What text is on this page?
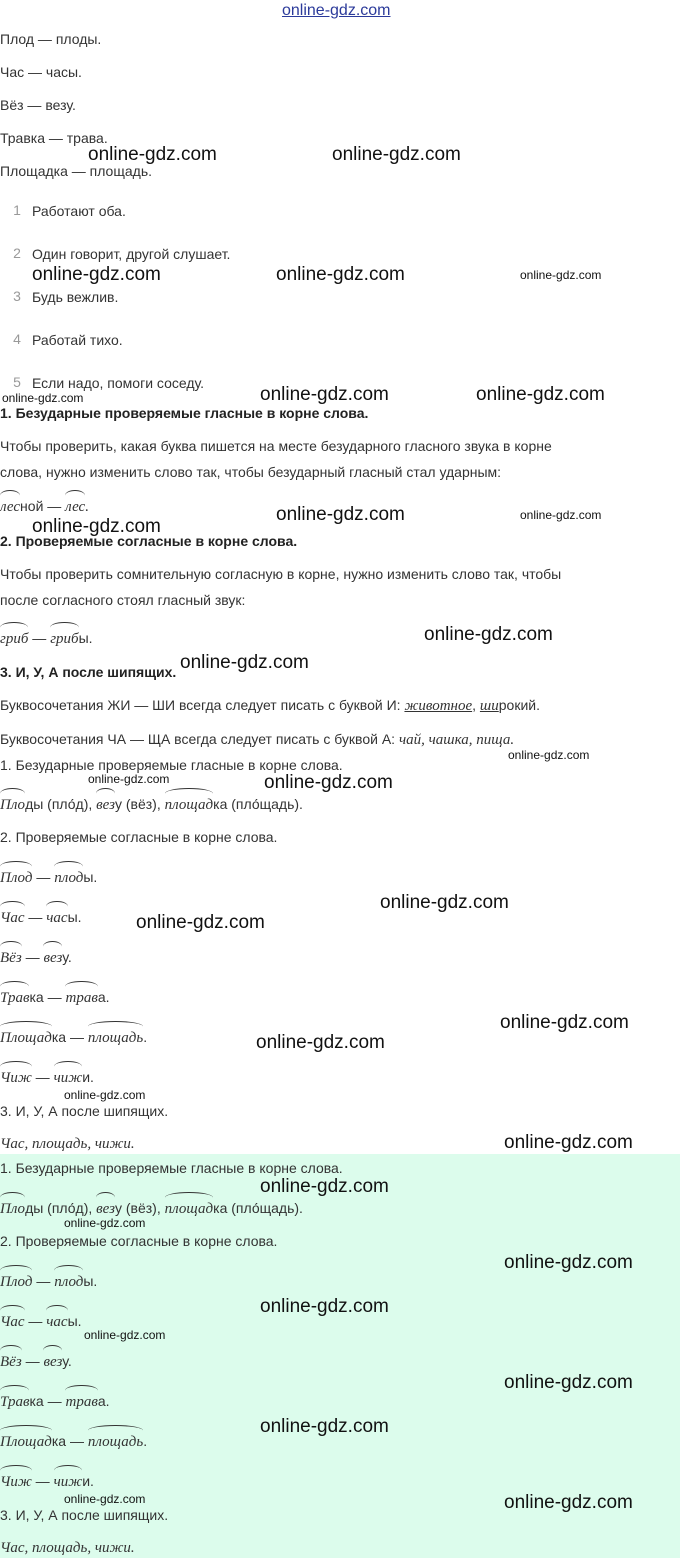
online-gdz.com
Плод — плоды.
Час — часы.
Вёз — везу.
Травка — трава.
Площадка — площадь.
1 Работают оба.
2 Один говорит, другой слушает.
3 Будь вежлив.
4 Работай тихо.
5 Если надо, помоги соседу.
1. Безударные проверяемые гласные в корне слова.
Чтобы проверить, какая буква пишется на месте безударного гласного звука в корне
слова, нужно изменить слово так, чтобы безударный гласный стал ударным:
лесной —
лес.
2. Проверяемые согласные в корне слова.
Чтобы проверить сомнительную согласную в корне, нужно изменить слово так, чтобы
после согласного стоял гласный звук:
гриб —
грибы.
3. И, У, А после шипящих.
Буквосочетания ЖИ — ШИ всегда следует писать с буквой И: животное, широкий.
Буквосочетания ЧА — ЩА всегда следует писать с буквой А: чай, чашка, пища.
1. Безударные проверяемые гласные в корне слова.
Плоды (пло́д),
везу (вёз),
площадка (пло́щадь).
2. Проверяемые согласные в корне слова.
Плод —
плоды.
Час —
часы.
Вёз —
везу.
Травка —
трава.
Площадка —
площадь.
Чиж —
чижи.
3. И, У, А после шипящих.
Час, площадь, чижи.
1. Безударные проверяемые гласные в корне слова.
Плоды (пло́д),
везу (вёз),
площадка (пло́щадь).
2. Проверяемые согласные в корне слова.
Плод —
плоды.
Час —
часы.
Вёз —
везу.
Травка —
трава.
Площадка —
площадь.
Чиж —
чижи.
3. И, У, А после шипящих.
Час, площадь, чижи.
online-gdz.com	online-gdz.com
online-gdz.com	online-gdz.com	online-gdz.com
online-gdz.com	online-gdz.com
online-gdz.com
online-gdz.com
online-gdz.com	online-gdz.com
online-gdz.com
online-gdz.com
online-gdz.com
online-gdz.com	online-gdz.com
online-gdz.com
online-gdz.com
online-gdz.com
online-gdz.com
online-gdz.com
online-gdz.com
online-gdz.com
online-gdz.com
online-gdz.com
online-gdz.com
online-gdz.com
online-gdz.com
online-gdz.com
online-gdz.com	online-gdz.com
